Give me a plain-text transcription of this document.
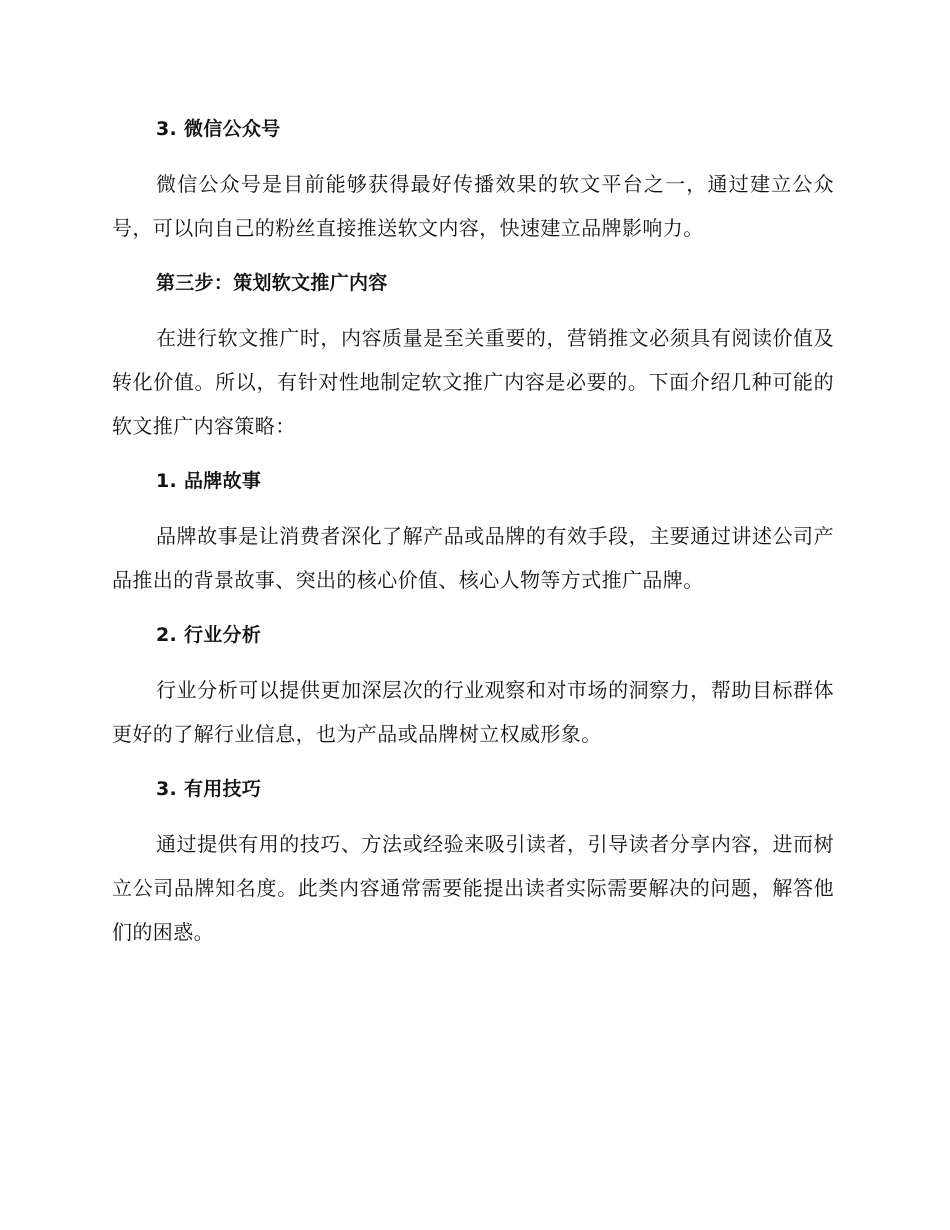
3. 微信公众号

微信公众号是目前能够获得最好传播效果的软文平台之一，通过建立公众号，可以向自己的粉丝直接推送软文内容，快速建立品牌影响力。

第三步：策划软文推广内容

在进行软文推广时，内容质量是至关重要的，营销推文必须具有阅读价值及转化价值。所以，有针对性地制定软文推广内容是必要的。下面介绍几种可能的软文推广内容策略：

1. 品牌故事

品牌故事是让消费者深化了解产品或品牌的有效手段，主要通过讲述公司产品推出的背景故事、突出的核心价值、核心人物等方式推广品牌。

2. 行业分析

行业分析可以提供更加深层次的行业观察和对市场的洞察力，帮助目标群体更好的了解行业信息，也为产品或品牌树立权威形象。

3. 有用技巧

通过提供有用的技巧、方法或经验来吸引读者，引导读者分享内容，进而树立公司品牌知名度。此类内容通常需要能提出读者实际需要解决的问题，解答他们的困惑。
